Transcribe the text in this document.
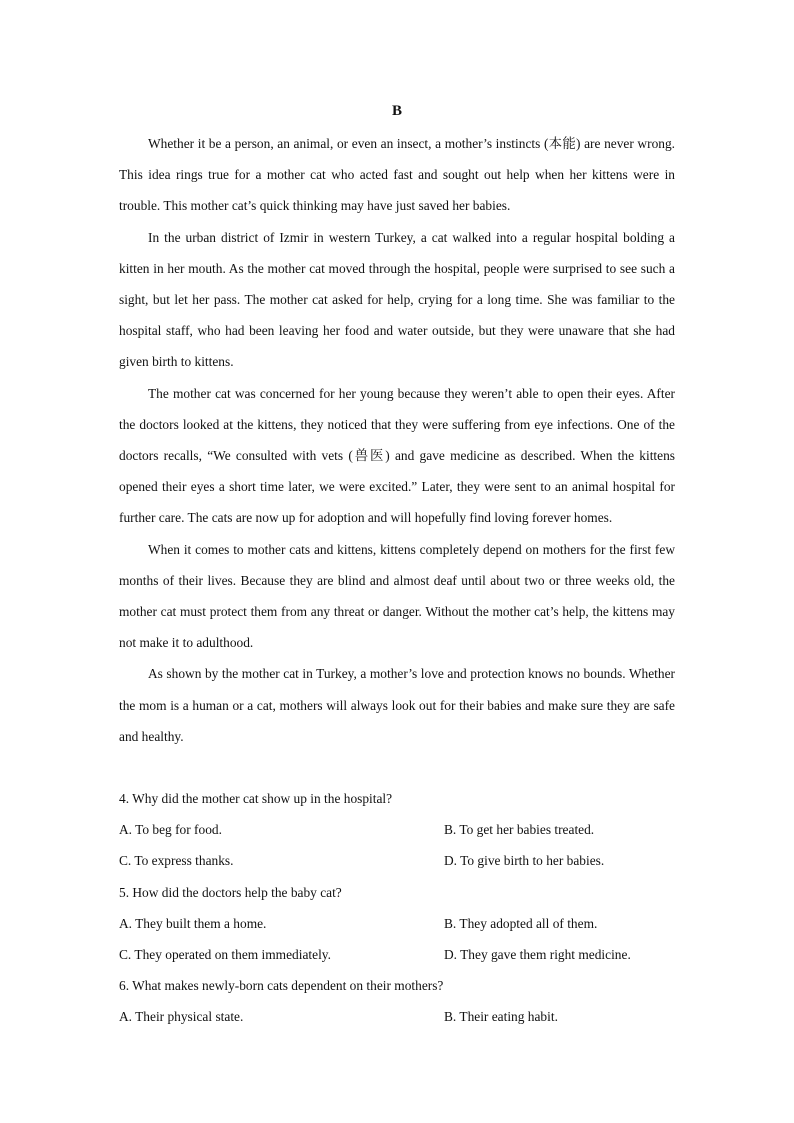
B

Whether it be a person, an animal, or even an insect, a mother’s instincts (本能) are never wrong. This idea rings true for a mother cat who acted fast and sought out help when her kittens were in trouble. This mother cat’s quick thinking may have just saved her babies.

In the urban district of Izmir in western Turkey, a cat walked into a regular hospital bolding a kitten in her mouth. As the mother cat moved through the hospital, people were surprised to see such a sight, but let her pass. The mother cat asked for help, crying for a long time. She was familiar to the hospital staff, who had been leaving her food and water outside, but they were unaware that she had given birth to kittens.

The mother cat was concerned for her young because they weren’t able to open their eyes. After the doctors looked at the kittens, they noticed that they were suffering from eye infections. One of the doctors recalls, “We consulted with vets (兽医) and gave medicine as described. When the kittens opened their eyes a short time later, we were excited.” Later, they were sent to an animal hospital for further care. The cats are now up for adoption and will hopefully find loving forever homes.

When it comes to mother cats and kittens, kittens completely depend on mothers for the first few months of their lives. Because they are blind and almost deaf until about two or three weeks old, the mother cat must protect them from any threat or danger. Without the mother cat’s help, the kittens may not make it to adulthood.

As shown by the mother cat in Turkey, a mother’s love and protection knows no bounds. Whether the mom is a human or a cat, mothers will always look out for their babies and make sure they are safe and healthy.

4. Why did the mother cat show up in the hospital?
A. To beg for food.	B. To get her babies treated.
C. To express thanks.	D. To give birth to her babies.
5. How did the doctors help the baby cat?
A. They built them a home.	B. They adopted all of them.
C. They operated on them immediately.	D. They gave them right medicine.
6. What makes newly-born cats dependent on their mothers?
A. Their physical state.	B. Their eating habit.
